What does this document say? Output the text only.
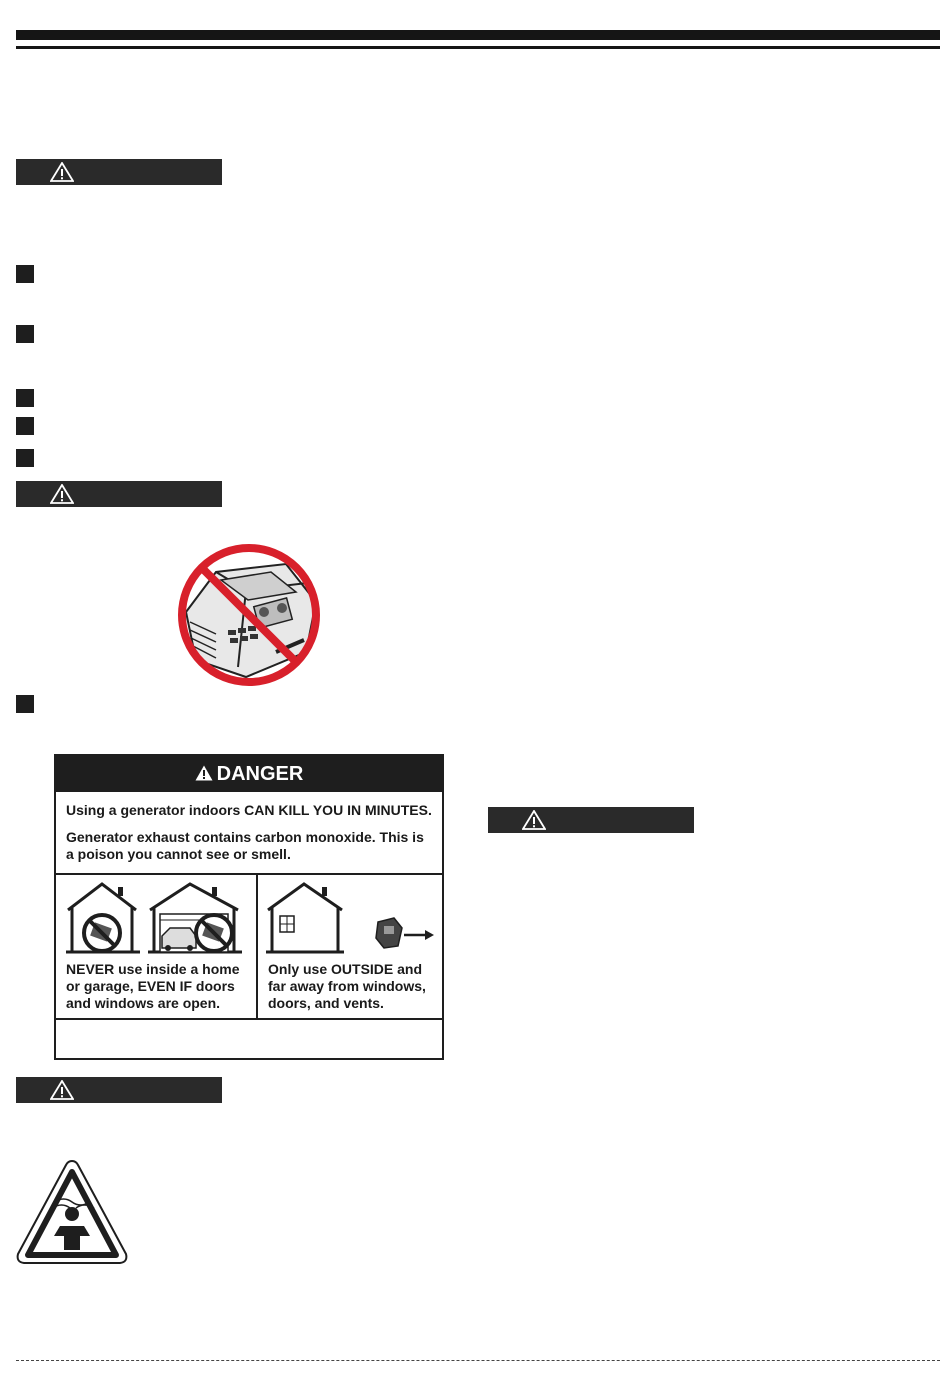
DANGER
Using a generator indoors CAN KILL YOU IN MINUTES.
Generator exhaust contains carbon monoxide. This is
a poison you cannot see or smell.
NEVER use inside a home
or garage, EVEN IF doors
and windows are open.
Only use OUTSIDE and
far away from windows,
doors, and vents.
